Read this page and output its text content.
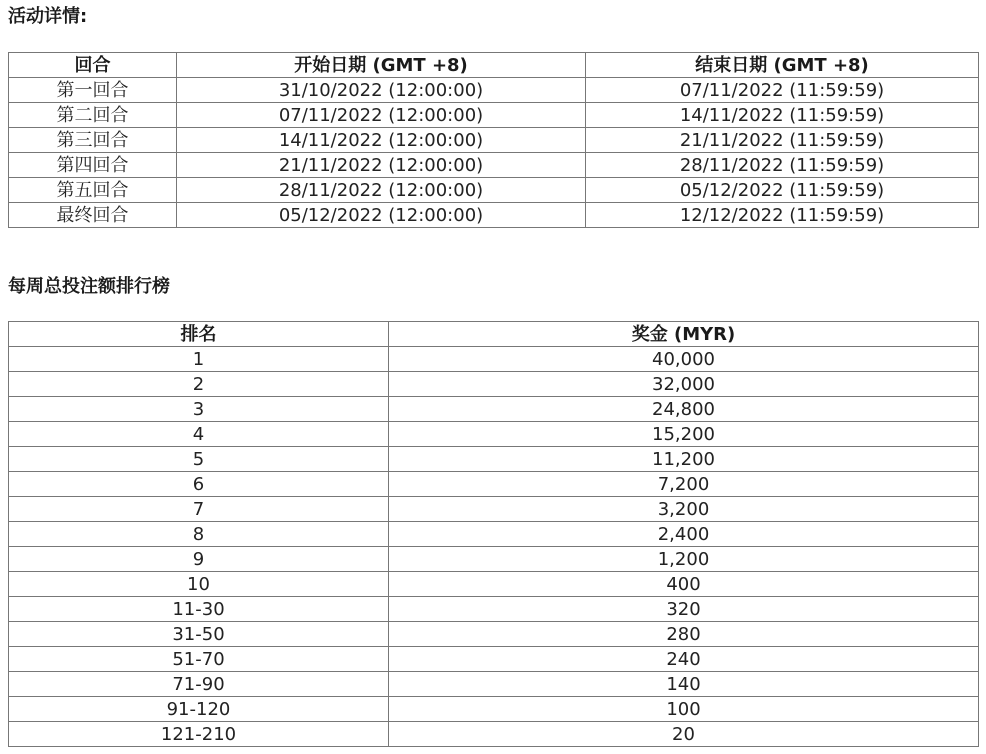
活动详情:
回合	开始日期 (GMT +8)	结束日期 (GMT +8)
第一回合	31/10/2022 (12:00:00)	07/11/2022 (11:59:59)
第二回合	07/11/2022 (12:00:00)	14/11/2022 (11:59:59)
第三回合	14/11/2022 (12:00:00)	21/11/2022 (11:59:59)
第四回合	21/11/2022 (12:00:00)	28/11/2022 (11:59:59)
第五回合	28/11/2022 (12:00:00)	05/12/2022 (11:59:59)
最终回合	05/12/2022 (12:00:00)	12/12/2022 (11:59:59)
每周总投注额排行榜
排名	奖金 (MYR)
1	40,000
2	32,000
3	24,800
4	15,200
5	11,200
6	7,200
7	3,200
8	2,400
9	1,200
10	400
11-30	320
31-50	280
51-70	240
71-90	140
91-120	100
121-210	20
